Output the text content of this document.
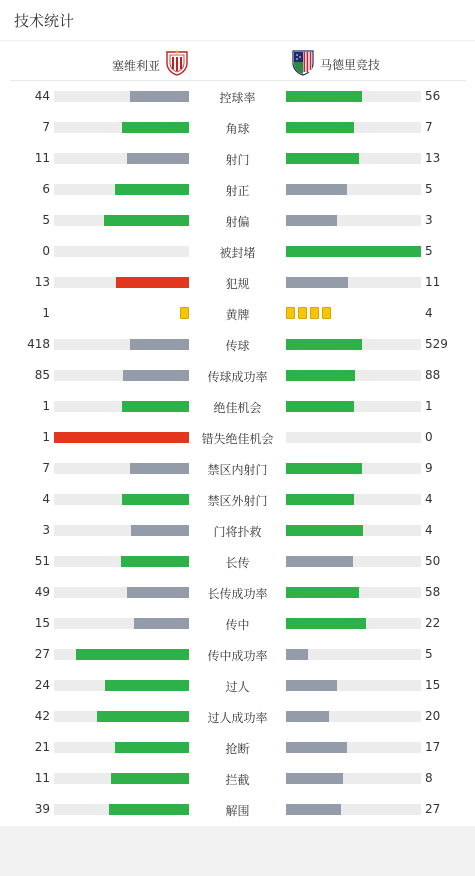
技术统计
塞维利亚	马德里竞技
44	控球率	56
7	角球	7
11	射门	13
6	射正	5
5	射偏	3
0	被封堵	5
13	犯规	11
1	黄牌	4
418	传球	529
85	传球成功率	88
1	绝佳机会	1
1	错失绝佳机会	0
7	禁区内射门	9
4	禁区外射门	4
3	门将扑救	4
51	长传	50
49	长传成功率	58
15	传中	22
27	传中成功率	5
24	过人	15
42	过人成功率	20
21	抢断	17
11	拦截	8
39	解围	27
